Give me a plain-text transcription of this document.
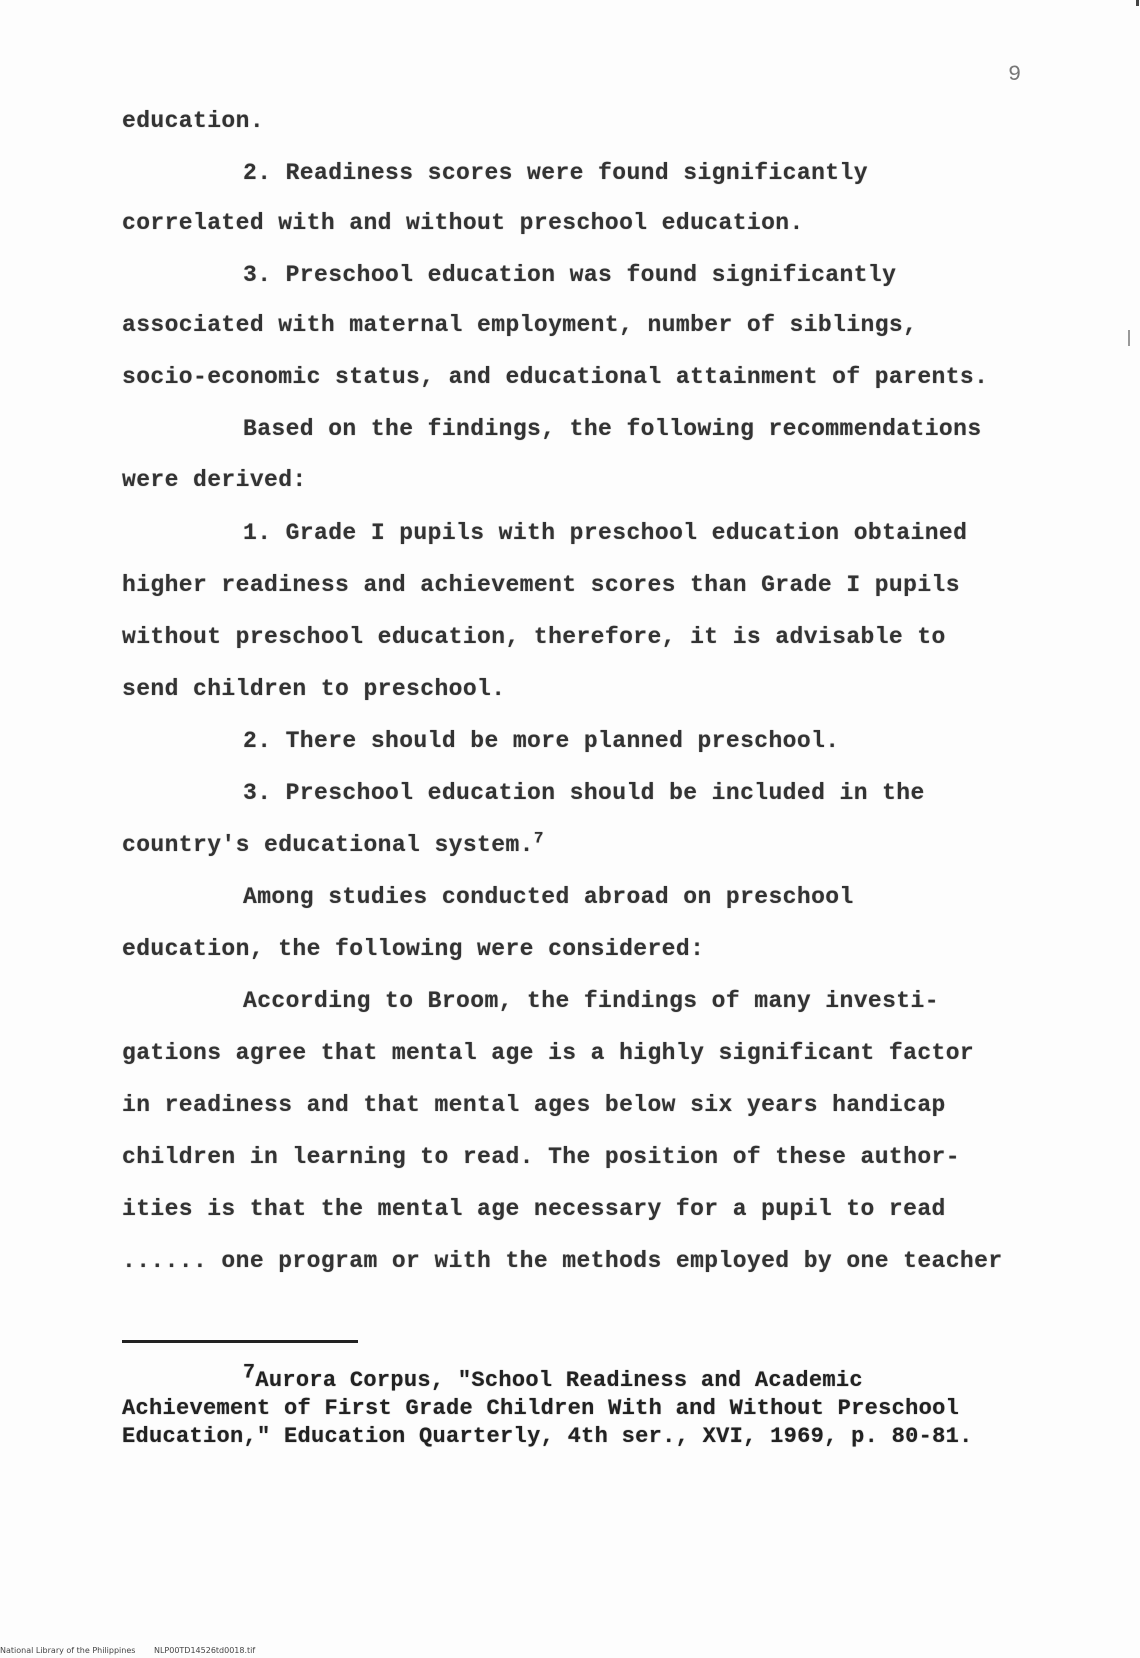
9
education.
2. Readiness scores were found significantly
correlated with and without preschool education.
3. Preschool education was found significantly
associated with maternal employment, number of siblings,
socio-economic status, and educational attainment of parents.
Based on the findings, the following recommendations
were derived:
1. Grade I pupils with preschool education obtained
higher readiness and achievement scores than Grade I pupils
without preschool education, therefore, it is advisable to
send children to preschool.
2. There should be more planned preschool.
3. Preschool education should be included in the
country's educational system.$^7$
Among studies conducted abroad on preschool
education, the following were considered:
According to Broom, the findings of many investi-
gations agree that mental age is a highly significant factor
in readiness and that mental ages below six years handicap
children in learning to read. The position of these author-
ities is that the mental age necessary for a pupil to read
...... one program or with the methods employed by one teacher
7Aurora Corpus, "School Readiness and Academic
Achievement of First Grade Children With and Without Preschool
Education," Education Quarterly, 4th ser., XVI, 1969, p. 80-81.
National Library of the Philippines NLP00TD14526td0018.tif
